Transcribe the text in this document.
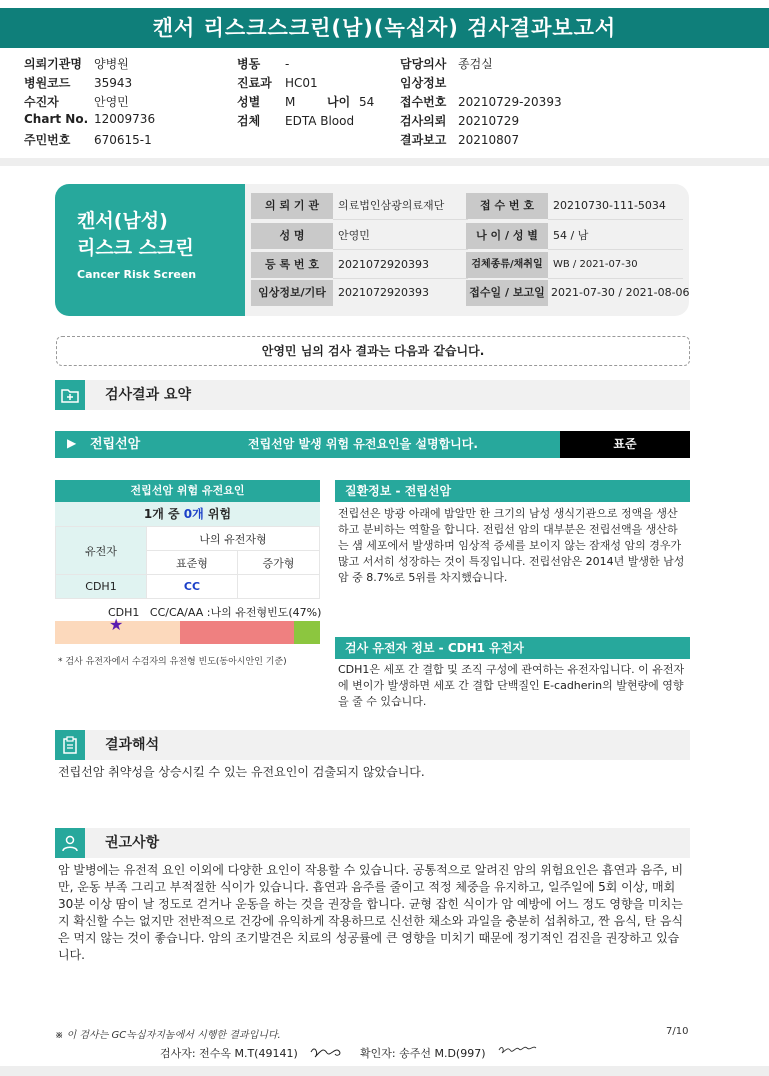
캔서 리스크스크린(남)(녹십자) 검사결과보고서
의뢰기관명 양병원
병원코드 35943
수진자	안영민
Chart No. 12009736
주민번호 670615-1
병동 -
진료과 HC01
성별 M	나이 54
검체 EDTA Blood
담당의사 종검실
임상정보
접수번호 20210729-20393
검사의뢰 20210729
결과보고 20210807
캔서(남성)
리스크 스크린
Cancer Risk Screen
의 뢰 기 관	의료법인삼광의료재단	접 수 번 호	20210730-111-5034
성 명	안영민	나 이 / 성 별	54 / 남
등 록 번 호	2021072920393	검체종류/채취일	WB / 2021-07-30
임상정보/기타	2021072920393	접수일 / 보고일 2021-07-30 / 2021-08-06
안영민 님의 검사 결과는 다음과 같습니다.
검사결과 요약
▶ 전립선암	전립선암 발생 위험 유전요인을 설명합니다.	표준
전립선암 위험 유전요인
1개 중 0개 위험
유전자	나의 유전자형	
	표준형	증가형
CDH1	CC	
CDH1   CC/CA/AA :나의 유전형빈도(47%)
★
* 검사 유전자에서 수검자의 유전형 빈도(동아시안인 기준)
질환정보 - 전립선암
전립선은 방광 아래에 밤알만 한 크기의 남성 생식기관으로 정액을 생산하고 분비하는 역할을 합니다. 전립선 암의 대부분은 전립선액을 생산하는 샘 세포에서 발생하며 임상적 증세를 보이지 않는 잠재성 암의 경우가 많고 서서히 성장하는 것이 특징입니다. 전립선암은 2014년 발생한 남성 암 중 8.7%로 5위를 차지했습니다.
검사 유전자 정보 - CDH1 유전자
CDH1은 세포 간 결합 및 조직 구성에 관여하는 유전자입니다. 이 유전자에 변이가 발생하면 세포 간 결합 단백질인 E-cadherin의 발현량에 영향을 줄 수 있습니다.
결과해석
전립선암 취약성을 상승시킬 수 있는 유전요인이 검출되지 않았습니다.
권고사항
암 발병에는 유전적 요인 이외에 다양한 요인이 작용할 수 있습니다. 공통적으로 알려진 암의 위험요인은 흡연과 음주, 비만, 운동 부족 그리고 부적절한 식이가 있습니다. 흡연과 음주를 줄이고 적정 체중을 유지하고, 일주일에 5회 이상, 매회 30분 이상 땀이 날 정도로 걷거나 운동을 하는 것을 권장을 합니다. 균형 잡힌 식이가 암 예방에 어느 정도 영향을 미치는지 확신할 수는 없지만 전반적으로 건강에 유익하게 작용하므로 신선한 채소와 과일을 충분히 섭취하고, 짠 음식, 탄 음식은 먹지 않는 것이 좋습니다. 암의 조기발견은 치료의 성공률에 큰 영향을 미치기 때문에 정기적인 검진을 권장하고 있습니다.
※ 이 검사는 GC녹십자지놈에서 시행한 결과입니다.	7/10
검사자: 전수옥 M.T(49141)	확인자: 송주선 M.D(997)
